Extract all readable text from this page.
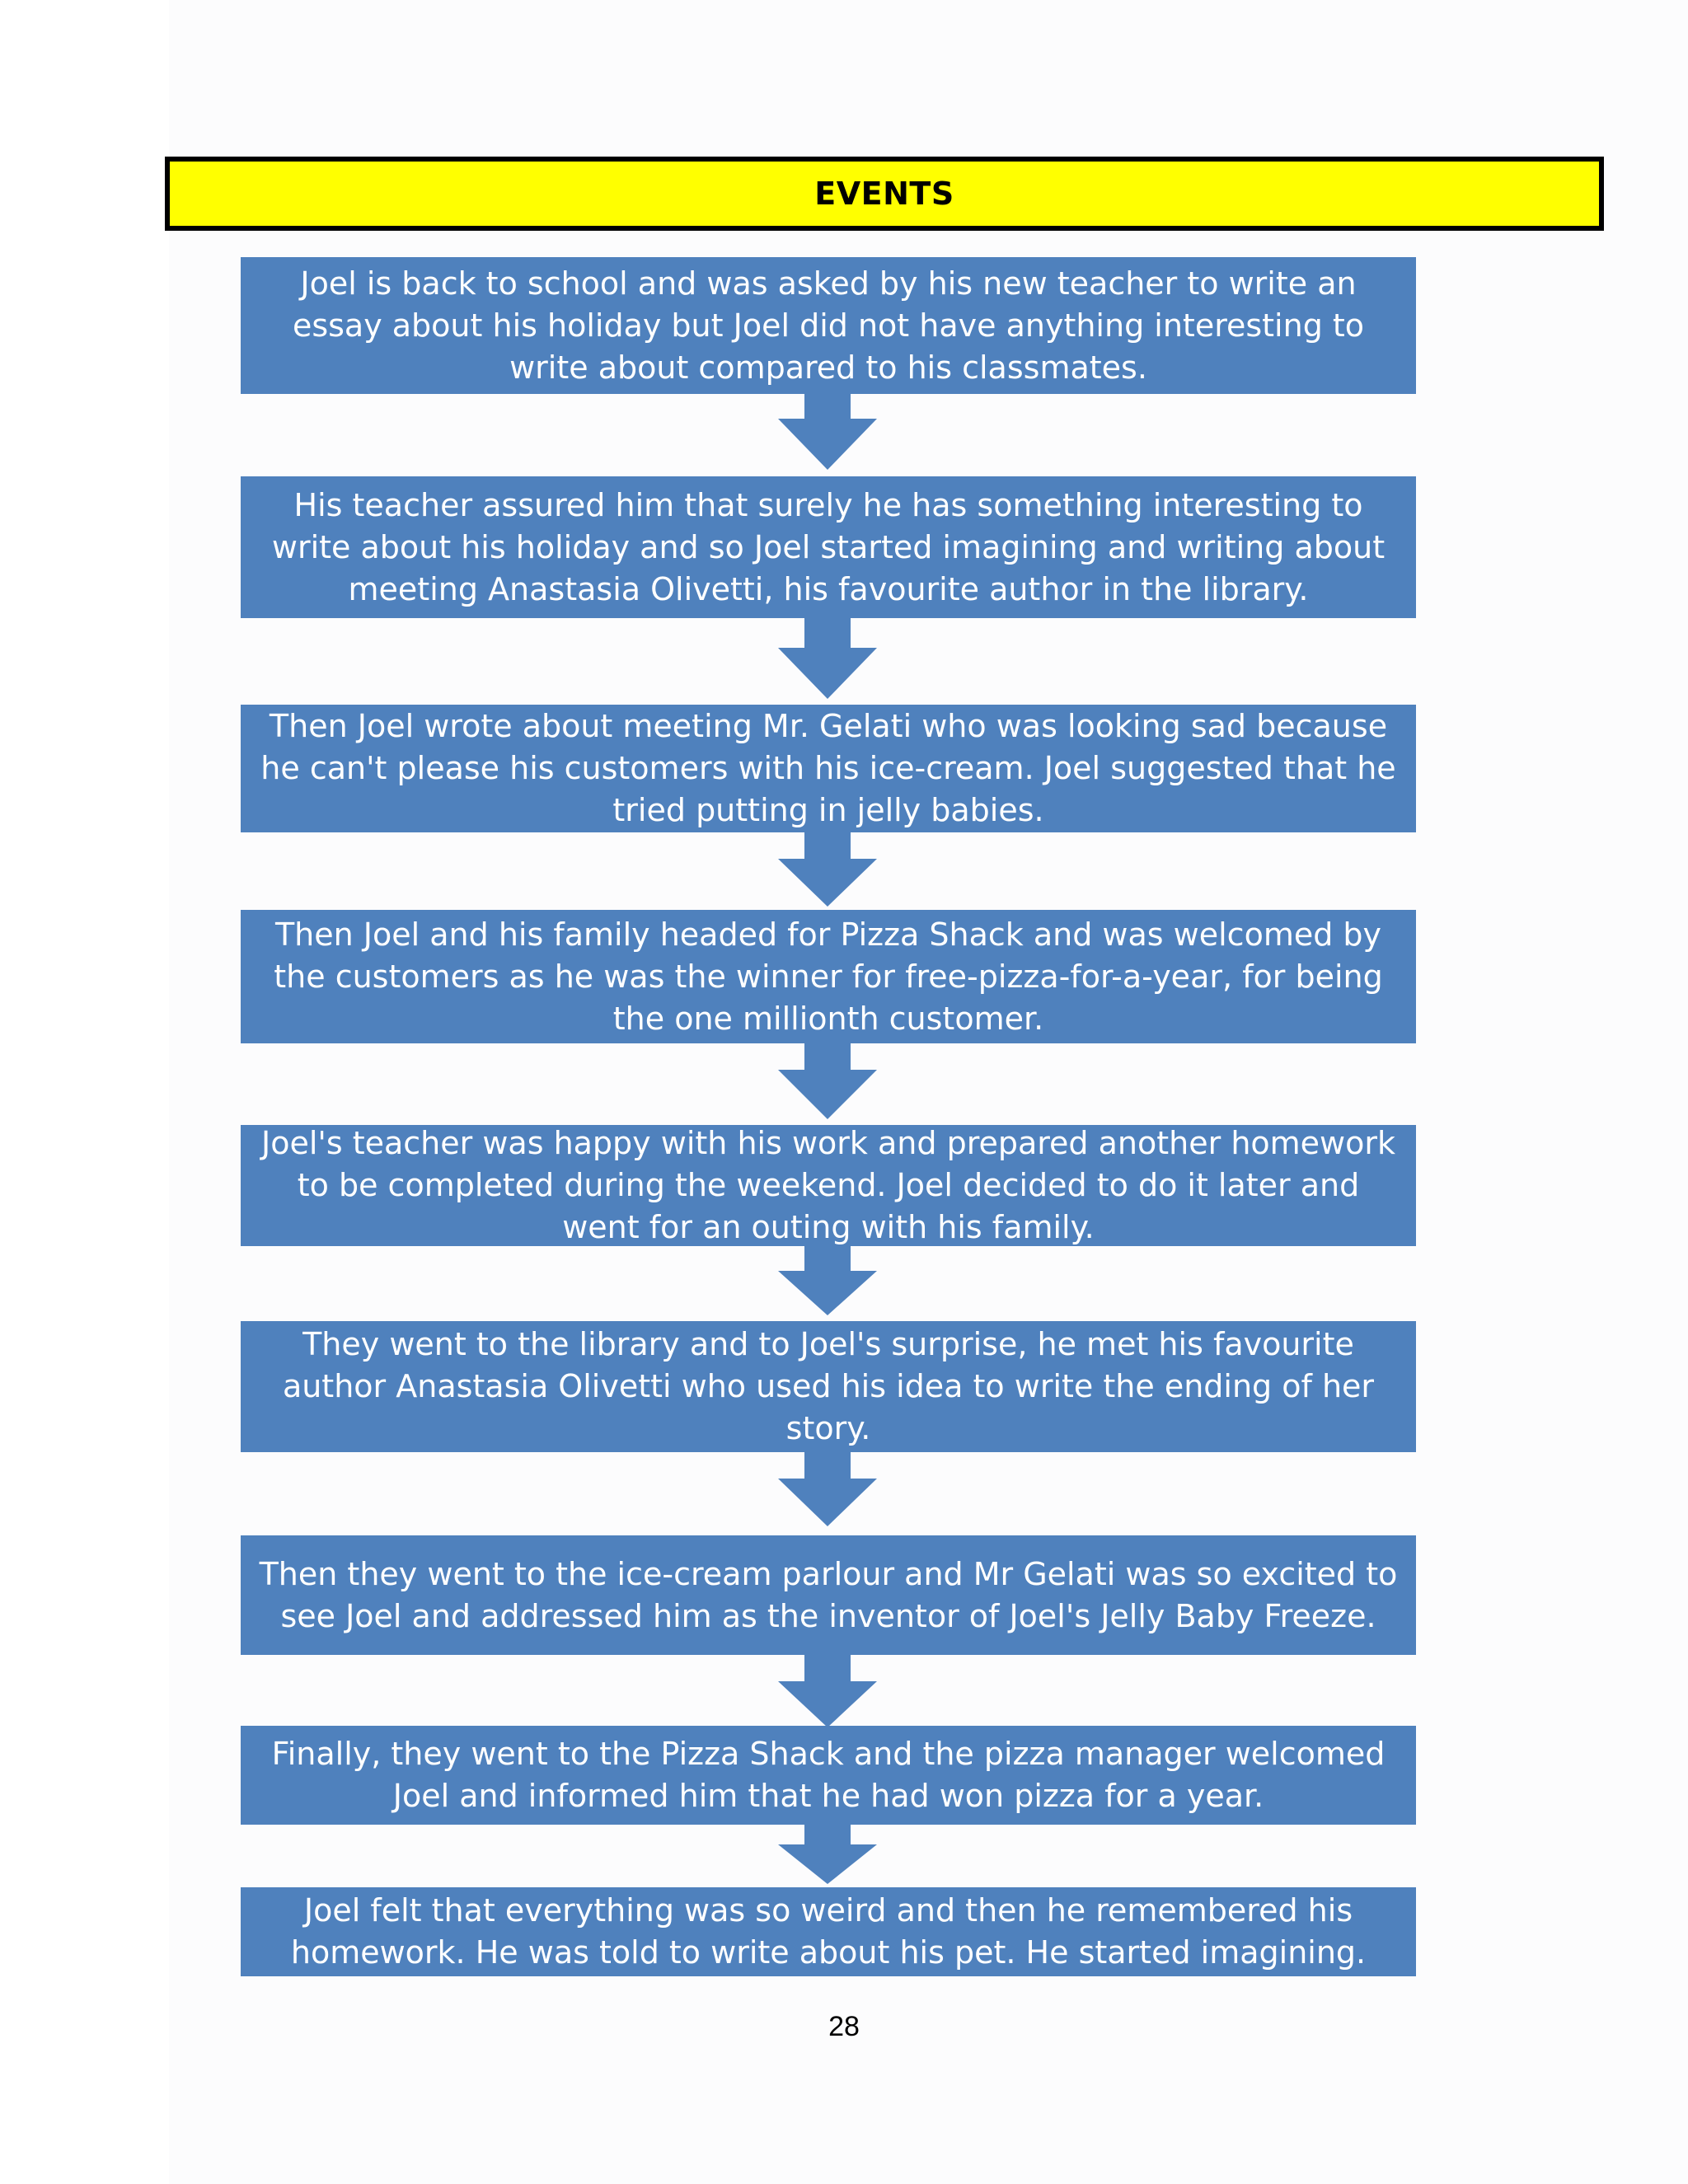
EVENTS
Joel is back to school and was asked by his new teacher to write an essay about his holiday but Joel did not have anything interesting to write about compared to his classmates.
His teacher assured him that surely he has something interesting to write about his holiday and so Joel started imagining and writing about meeting Anastasia Olivetti, his favourite author in the library.
Then Joel wrote about meeting Mr. Gelati who was looking sad because he can't please his customers with his ice-cream. Joel suggested that he tried putting in jelly babies.
Then Joel and his family headed for Pizza Shack and was welcomed by the customers as he was the winner for free-pizza-for-a-year, for being the one millionth customer.
Joel's teacher was happy with his work and prepared another homework to be completed during the weekend. Joel decided to do it later and went for an outing with his family.
They went to the library and to Joel's surprise, he met his favourite author Anastasia Olivetti who used his idea to write the ending of her story.
Then they went to the ice-cream parlour and Mr Gelati was so excited to see Joel and addressed him as the inventor of Joel's Jelly Baby Freeze.
Finally, they went to the Pizza Shack and the pizza manager welcomed Joel and informed him that he had won pizza for a year.
Joel felt that everything was so weird and then he remembered his homework. He was told to write about his pet. He started imagining.
28
